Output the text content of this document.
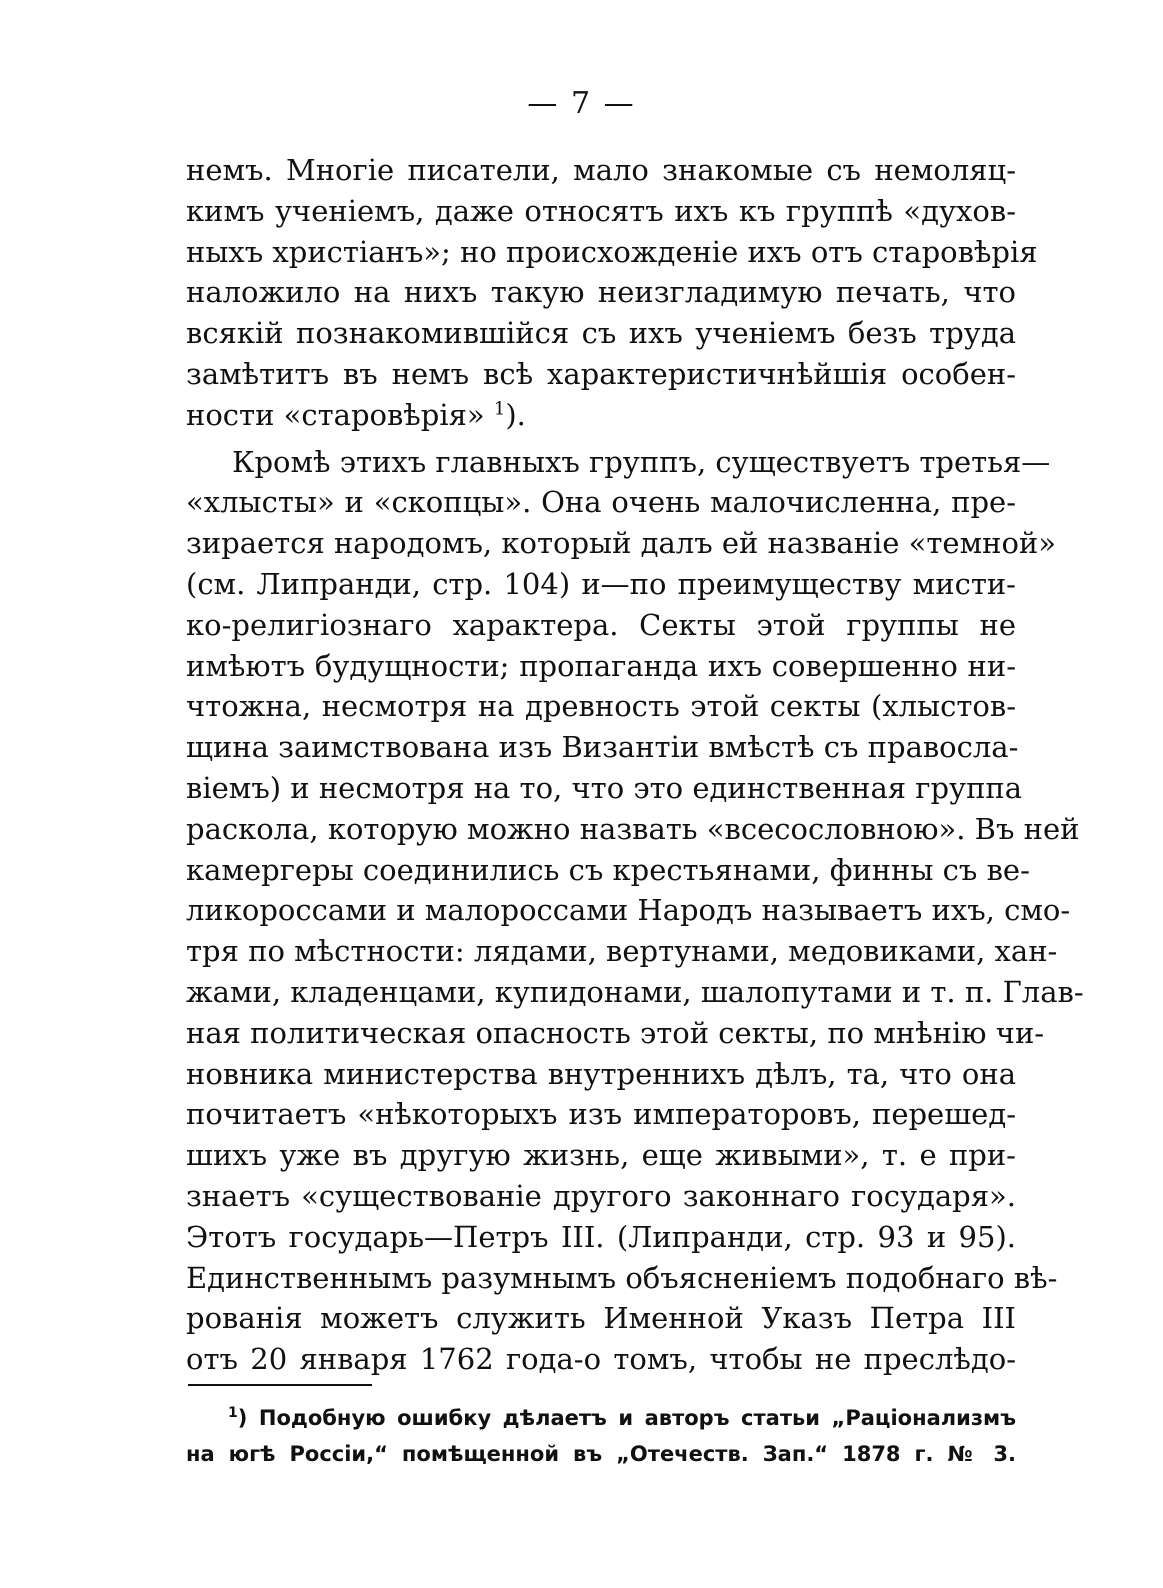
— 7 —
немъ. Многіе писатели, мало знакомые съ немоляц-
кимъ ученіемъ, даже относятъ ихъ къ группѣ «духов-
ныхъ христіанъ»; но происхожденіе ихъ отъ старовѣрія
наложило на нихъ такую неизгладимую печать, что
всякій познакомившійся съ ихъ ученіемъ безъ труда
замѣтитъ въ немъ всѣ характеристичнѣйшія особен-
ности «старовѣрія» $^1$).
Кромѣ этихъ главныхъ группъ, существуетъ третья—
«хлысты» и «скопцы». Она очень малочисленна, пре-
зирается народомъ, который далъ ей названіе «темной»
(см. Липранди, стр. 104) и—по преимуществу мисти-
ко-религіознаго характера. Секты этой группы не
имѣютъ будущности; пропаганда ихъ совершенно ни-
чтожна, несмотря на древность этой секты (хлыстов-
щина заимствована изъ Византіи вмѣстѣ съ правосла-
віемъ) и несмотря на то, что это единственная группа
раскола, которую можно назвать «всесословною». Въ ней
камергеры соединились съ крестьянами, финны съ ве-
ликороссами и малороссами Народъ называетъ ихъ, смо-
тря по мѣстности: лядами, вертунами, медовиками, хан-
жами, кладенцами, купидонами, шалопутами и т. п. Глав-
ная политическая опасность этой секты, по мнѣнію чи-
новника министерства внутреннихъ дѣлъ, та, что она
почитаетъ «нѣкоторыхъ изъ императоровъ, перешед-
шихъ уже въ другую жизнь, еще живыми», т. е при-
знаетъ «существованіе другого законнаго государя».
Этотъ государь—Петръ III. (Липранди, стр. 93 и 95).
Единственнымъ разумнымъ объясненіемъ подобнаго вѣ-
рованія можетъ служить Именной Указъ Петра III
отъ 20 января 1762 года-о томъ, чтобы не преслѣдо-
$^1$) Подобную ошибку дѣлаетъ и авторъ статьи „Раціонализмъ
на югѣ Россіи,“ помѣщенной въ „Отечеств. Зап.“ 1878 г. № 3.
